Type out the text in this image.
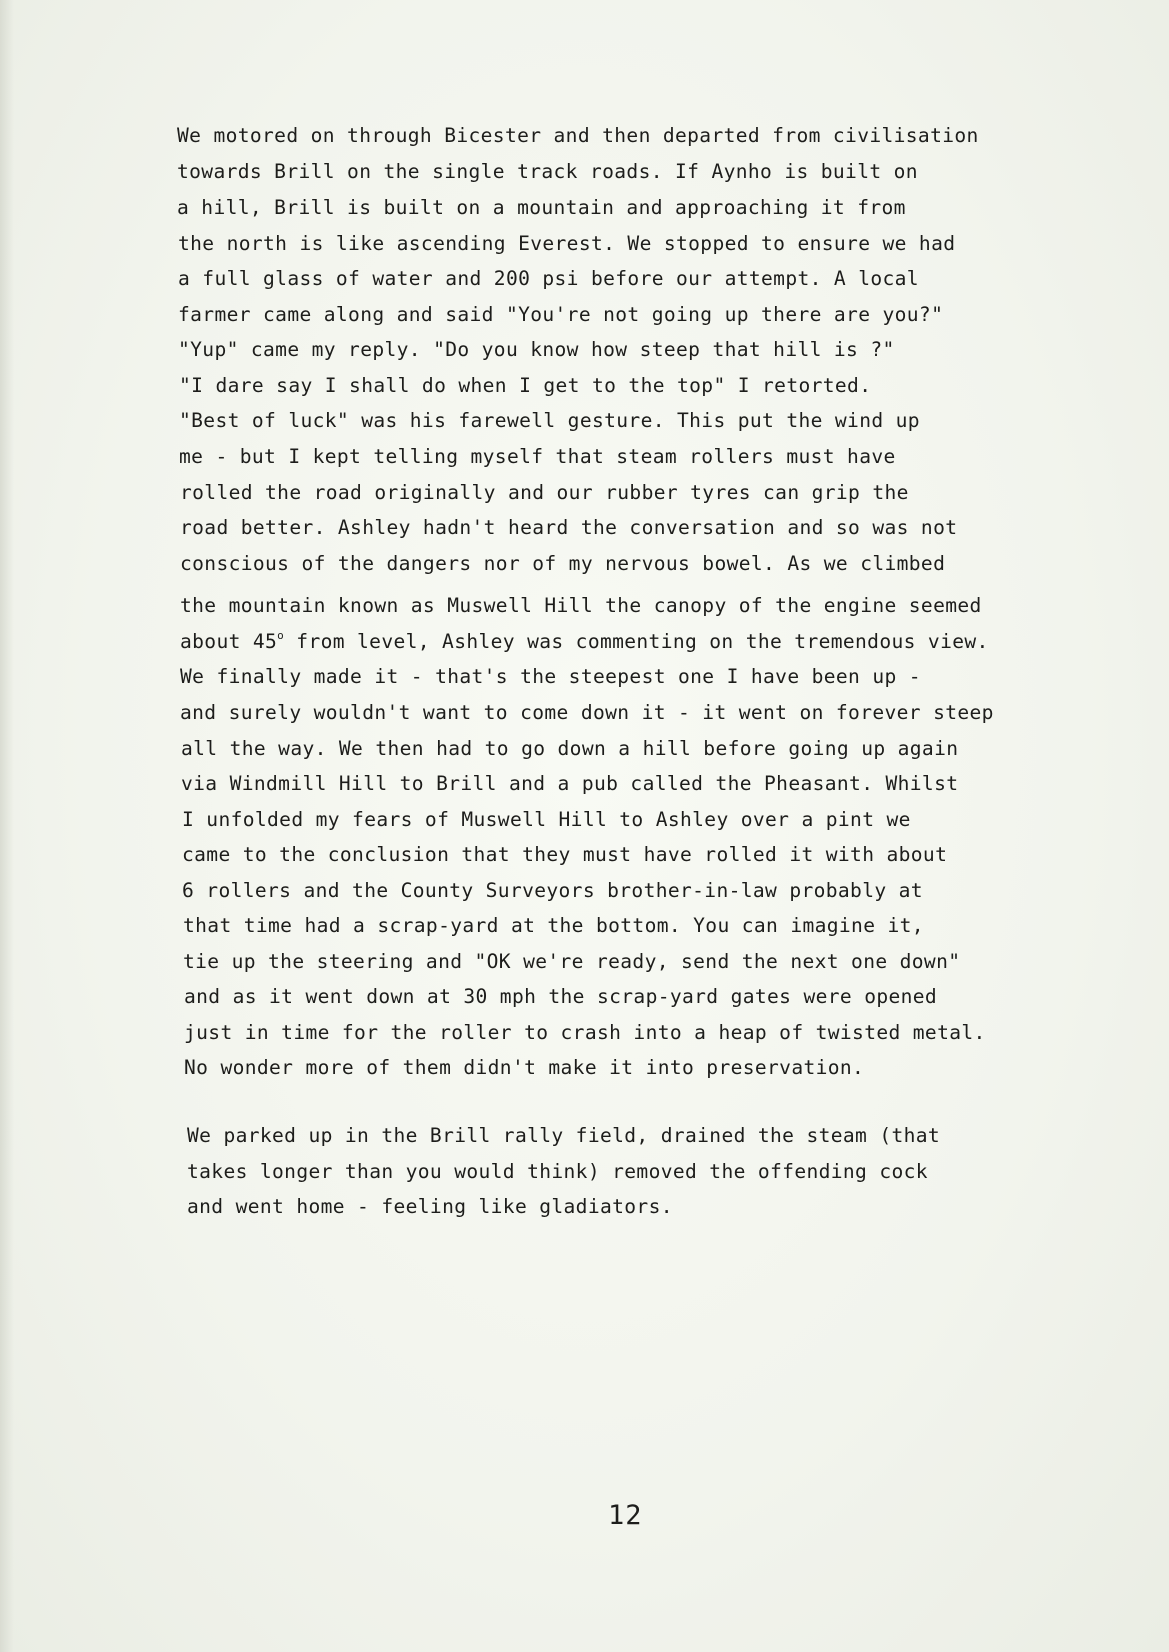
We motored on through Bicester and then departed from civilisation
towards Brill on the single track roads. If Aynho is built on
a hill, Brill is built on a mountain and approaching it from
the north is like ascending Everest. We stopped to ensure we had
a full glass of water and 200 psi before our attempt. A local
farmer came along and said "You're not going up there are you?"
"Yup" came my reply. "Do you know how steep that hill is ?"
"I dare say I shall do when I get to the top" I retorted.
"Best of luck" was his farewell gesture. This put the wind up
me - but I kept telling myself that steam rollers must have
rolled the road originally and our rubber tyres can grip the
road better. Ashley hadn't heard the conversation and so was not
conscious of the dangers nor of my nervous bowel. As we climbed
the mountain known as Muswell Hill the canopy of the engine seemed
about 45$^o$ from level, Ashley was commenting on the tremendous view.
We finally made it - that's the steepest one I have been up -
and surely wouldn't want to come down it - it went on forever steep
all the way. We then had to go down a hill before going up again
via Windmill Hill to Brill and a pub called the Pheasant. Whilst
I unfolded my fears of Muswell Hill to Ashley over a pint we
came to the conclusion that they must have rolled it with about
6 rollers and the County Surveyors brother-in-law probably at
that time had a scrap-yard at the bottom. You can imagine it,
tie up the steering and "OK we're ready, send the next one down"
and as it went down at 30 mph the scrap-yard gates were opened
just in time for the roller to crash into a heap of twisted metal.
No wonder more of them didn't make it into preservation.
We parked up in the Brill rally field, drained the steam (that
takes longer than you would think) removed the offending cock
and went home - feeling like gladiators.
12
